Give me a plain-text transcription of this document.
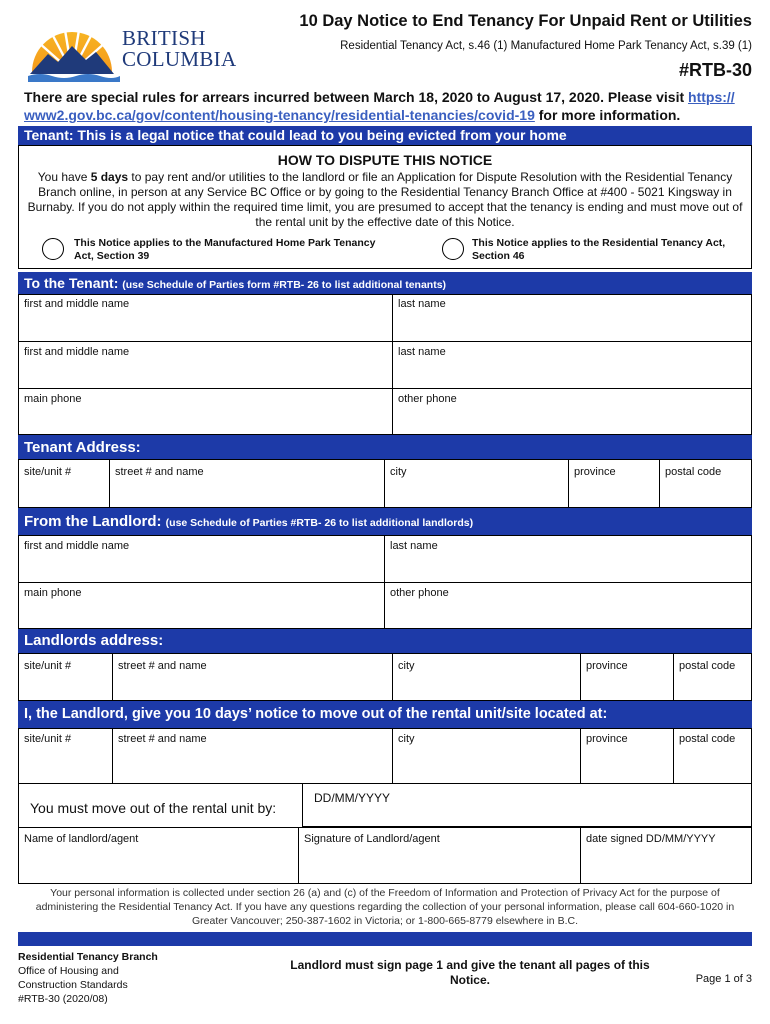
BRITISH
COLUMBIA
10 Day Notice to End Tenancy For Unpaid Rent or Utilities
Residential Tenancy Act, s.46 (1) Manufactured Home Park Tenancy Act, s.39 (1)
#RTB-30
There are special rules for arrears incurred between March 18, 2020 to August 17, 2020. Please visit https://
www2.gov.bc.ca/gov/content/housing-tenancy/residential-tenancies/covid-19 for more information.
Tenant: This is a legal notice that could lead to you being evicted from your home
HOW TO DISPUTE THIS NOTICE
You have 5 days to pay rent and/or utilities to the landlord or file an Application for Dispute Resolution with the Residential Tenancy Branch online, in person at any Service BC Office or by going to the Residential Tenancy Branch Office at #400 - 5021 Kingsway in Burnaby. If you do not apply within the required time limit, you are presumed to accept that the tenancy is ending and must move out of the rental unit by the effective date of this Notice.
This Notice applies to the Manufactured Home Park Tenancy Act, Section 39
This Notice applies to the Residential Tenancy Act, Section 46
To the Tenant: (use Schedule of Parties form #RTB- 26 to list additional tenants)
first and middle name	last name
first and middle name	last name
main phone	other phone
Tenant Address:
site/unit #	street # and name	city	province	postal code
From the Landlord: (use Schedule of Parties #RTB- 26 to list additional landlords)
first and middle name	last name
main phone	other phone
Landlords address:
site/unit #	street # and name	city	province	postal code
I, the Landlord, give you 10 days’ notice to move out of the rental unit/site located at:
site/unit #	street # and name	city	province	postal code
You must move out of the rental unit by:
DD/MM/YYYY
Name of landlord/agent	Signature of Landlord/agent	date signed DD/MM/YYYY
Your personal information is collected under section 26 (a) and (c) of the Freedom of Information and Protection of Privacy Act for the purpose of administering the Residential Tenancy Act. If you have any questions regarding the collection of your personal information, please call 604-660-1020 in Greater Vancouver; 250-387-1602 in Victoria; or 1-800-665-8779 elsewhere in B.C.
Residential Tenancy Branch
Office of Housing and
Construction Standards
#RTB-30 (2020/08)
Landlord must sign page 1 and give the tenant all pages of this Notice.	Page 1 of 3
